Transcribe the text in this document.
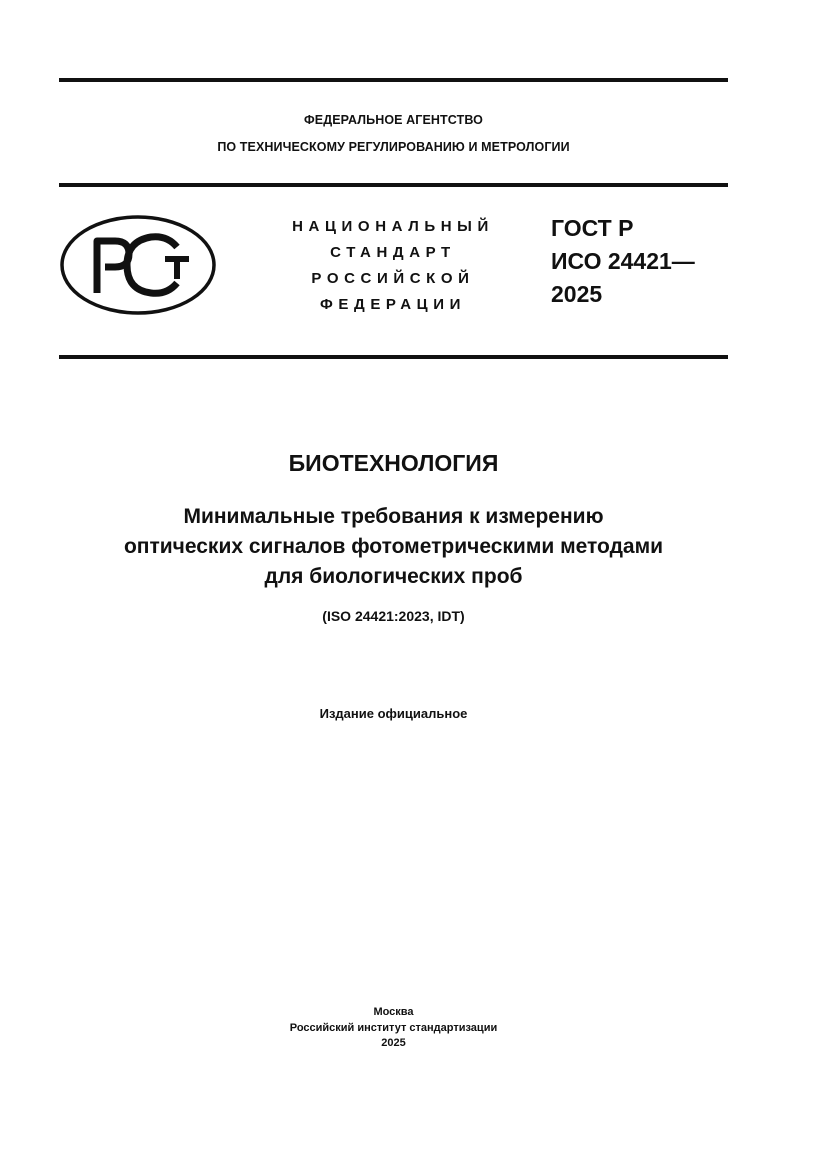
ФЕДЕРАЛЬНОЕ АГЕНТСТВО
ПО ТЕХНИЧЕСКОМУ РЕГУЛИРОВАНИЮ И МЕТРОЛОГИИ
НАЦИОНАЛЬНЫЙ
СТАНДАРТ
РОССИЙСКОЙ
ФЕДЕРАЦИИ
ГОСТ Р
ИСО 24421—
2025
БИОТЕХНОЛОГИЯ
Минимальные требования к измерению
оптических сигналов фотометрическими методами
для биологических проб
(ISO 24421:2023, IDT)
Издание официальное
Москва
Российский институт стандартизации
2025
